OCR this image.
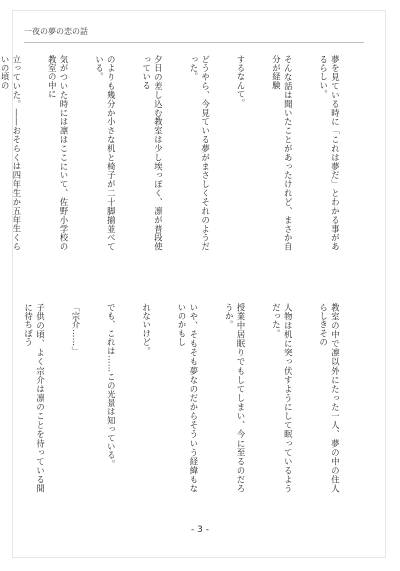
一夜の夢の恋の話

夢を見ている時に「これは夢だ」とわかる事があるらしい。

そんな話は聞いたことがあったけれど、まさか自分が経験

するなんて。

どうやら、今見ている夢がまさしくそれのようだった。

夕日の差し込む教室は少し埃っぽく、凛が普段使っている

のよりも幾分か小さな机と椅子が二十脚揃並べている。

気がついた時には凛はここにいて、佐野小学校の教室の中に

立っていた。――おそらくは四年生か五年生くらいの頃の

教室の中で凛以外にたった一人、夢の中の住人らしきその

人物は机に突っ伏すようにして眠っているようだった。

授業中居眠りでもしてしまい、今に至るのだろうか。

いや、そもそも夢なのだからそういう経緯もないのかもし

れないけど。

でも、これは……この光景は知っている。

「宗介……」

子供の頃、よく宗介は凛のことを待っている間に待ちぼう

- 3 -
